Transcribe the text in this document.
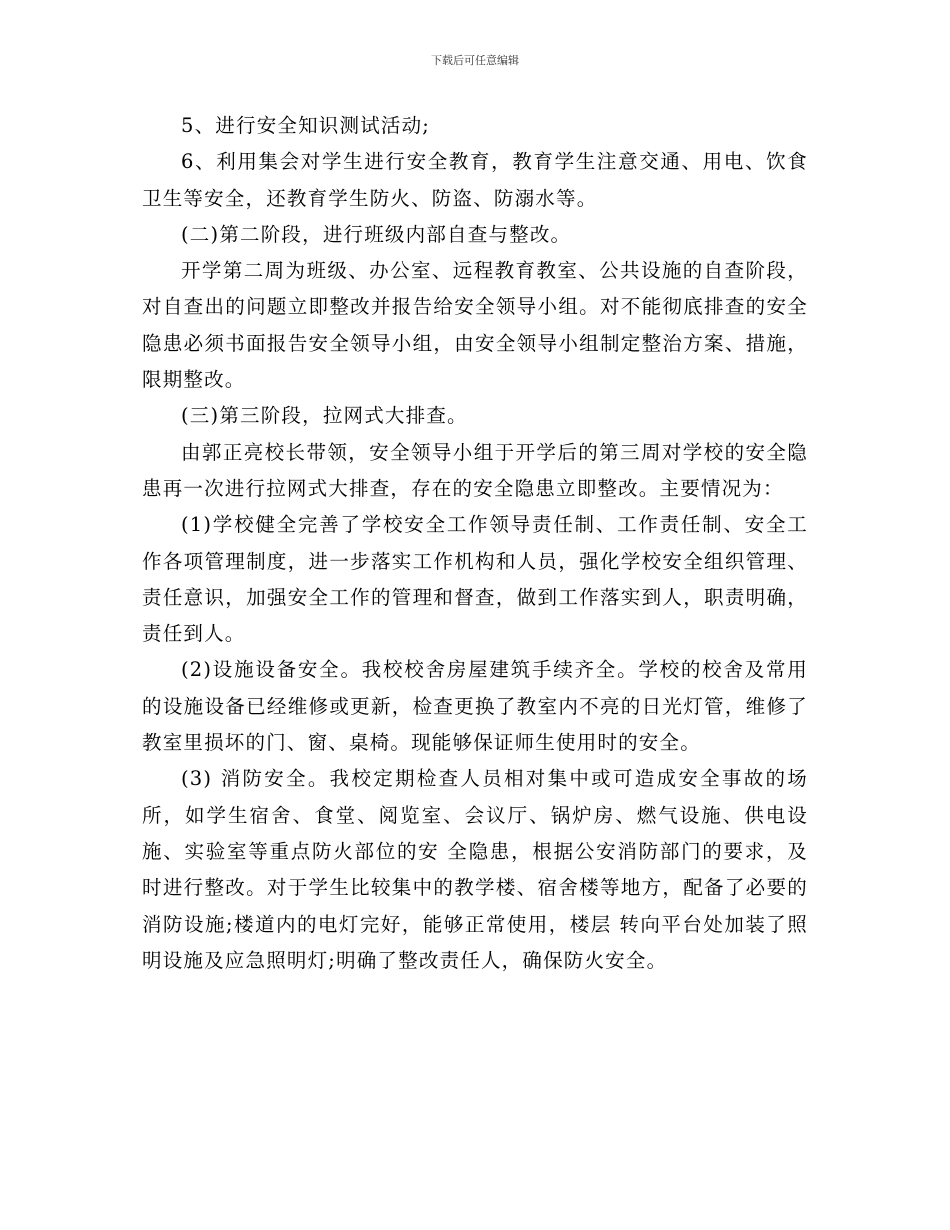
下载后可任意编辑

5、进行安全知识测试活动;

6、利用集会对学生进行安全教育，教育学生注意交通、用电、饮食卫生等安全，还教育学生防火、防盗、防溺水等。

(二)第二阶段，进行班级内部自查与整改。

开学第二周为班级、办公室、远程教育教室、公共设施的自查阶段，对自查出的问题立即整改并报告给安全领导小组。对不能彻底排查的安全隐患必须书面报告安全领导小组，由安全领导小组制定整治方案、措施，限期整改。

(三)第三阶段，拉网式大排查。

由郭正亮校长带领，安全领导小组于开学后的第三周对学校的安全隐患再一次进行拉网式大排查，存在的安全隐患立即整改。主要情况为：

(1)学校健全完善了学校安全工作领导责任制、工作责任制、安全工作各项管理制度，进一步落实工作机构和人员，强化学校安全组织管理、责任意识，加强安全工作的管理和督查，做到工作落实到人，职责明确，责任到人。

(2)设施设备安全。我校校舍房屋建筑手续齐全。学校的校舍及常用的设施设备已经维修或更新，检查更换了教室内不亮的日光灯管，维修了教室里损坏的门、窗、桌椅。现能够保证师生使用时的安全。

(3) 消防安全。我校定期检查人员相对集中或可造成安全事故的场所，如学生宿舍、食堂、阅览室、会议厅、锅炉房、燃气设施、供电设施、实验室等重点防火部位的安 全隐患，根据公安消防部门的要求，及时进行整改。对于学生比较集中的教学楼、宿舍楼等地方，配备了必要的消防设施;楼道内的电灯完好，能够正常使用，楼层 转向平台处加装了照明设施及应急照明灯;明确了整改责任人，确保防火安全。
